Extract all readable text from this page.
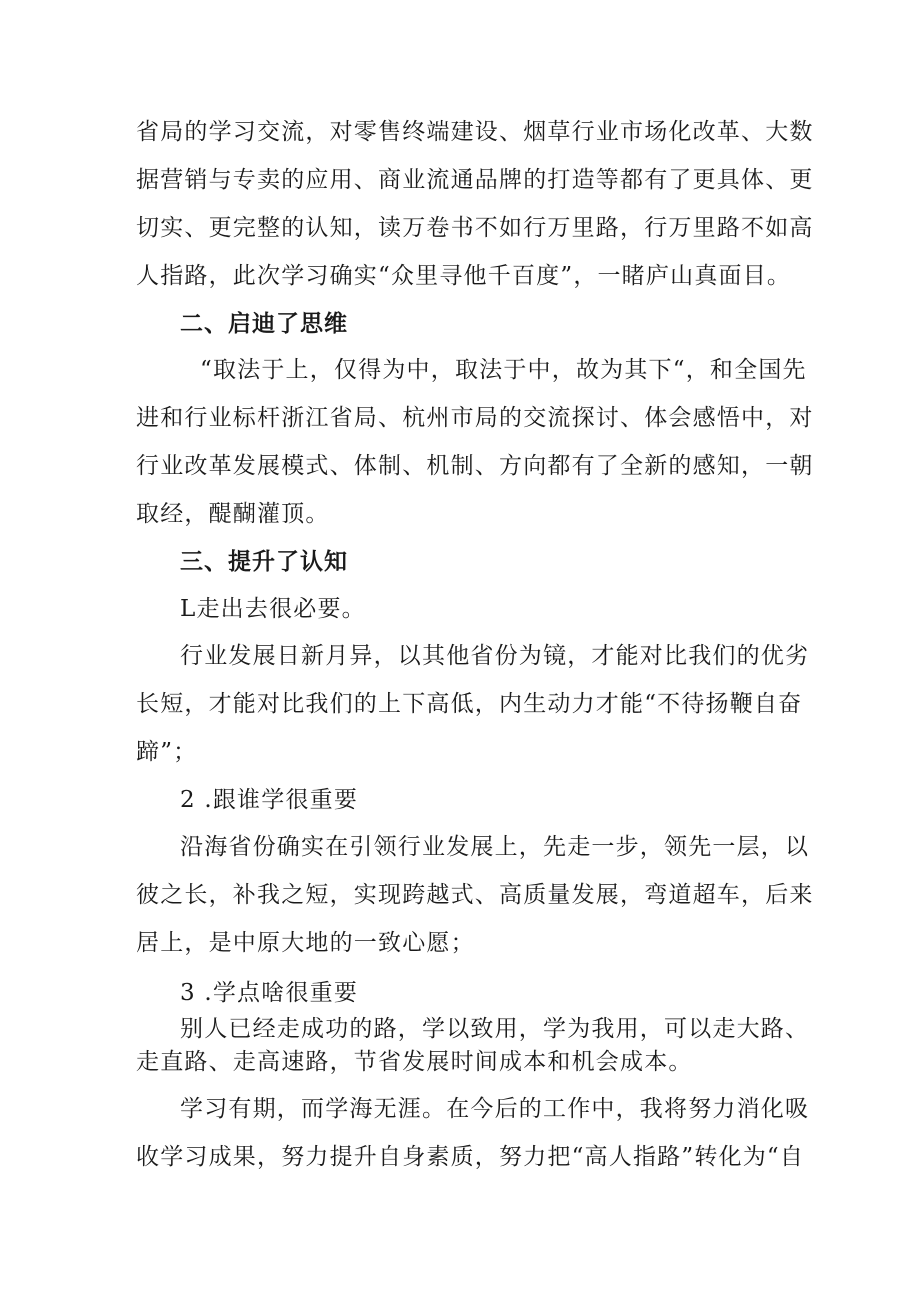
省局的学习交流，对零售终端建设、烟草行业市场化改革、大数
据营销与专卖的应用、商业流通品牌的打造等都有了更具体、更
切实、更完整的认知，读万卷书不如行万里路，行万里路不如高
人指路，此次学习确实“众里寻他千百度”，一睹庐山真面目。
二、启迪了思维
“取法于上，仅得为中，取法于中，故为其下“，和全国先
进和行业标杆浙江省局、杭州市局的交流探讨、体会感悟中，对
行业改革发展模式、体制、机制、方向都有了全新的感知，一朝
取经，醍醐灌顶。
三、提升了认知
L走出去很必要。
行业发展日新月异，以其他省份为镜，才能对比我们的优劣
长短，才能对比我们的上下高低，内生动力才能“不待扬鞭自奋
蹄”；
2 .跟谁学很重要
沿海省份确实在引领行业发展上，先走一步，领先一层，以
彼之长，补我之短，实现跨越式、高质量发展，弯道超车，后来
居上，是中原大地的一致心愿；
3 .学点啥很重要
别人已经走成功的路，学以致用，学为我用，可以走大路、
走直路、走高速路，节省发展时间成本和机会成本。
学习有期，而学海无涯。在今后的工作中，我将努力消化吸
收学习成果，努力提升自身素质，努力把“高人指路”转化为“自
